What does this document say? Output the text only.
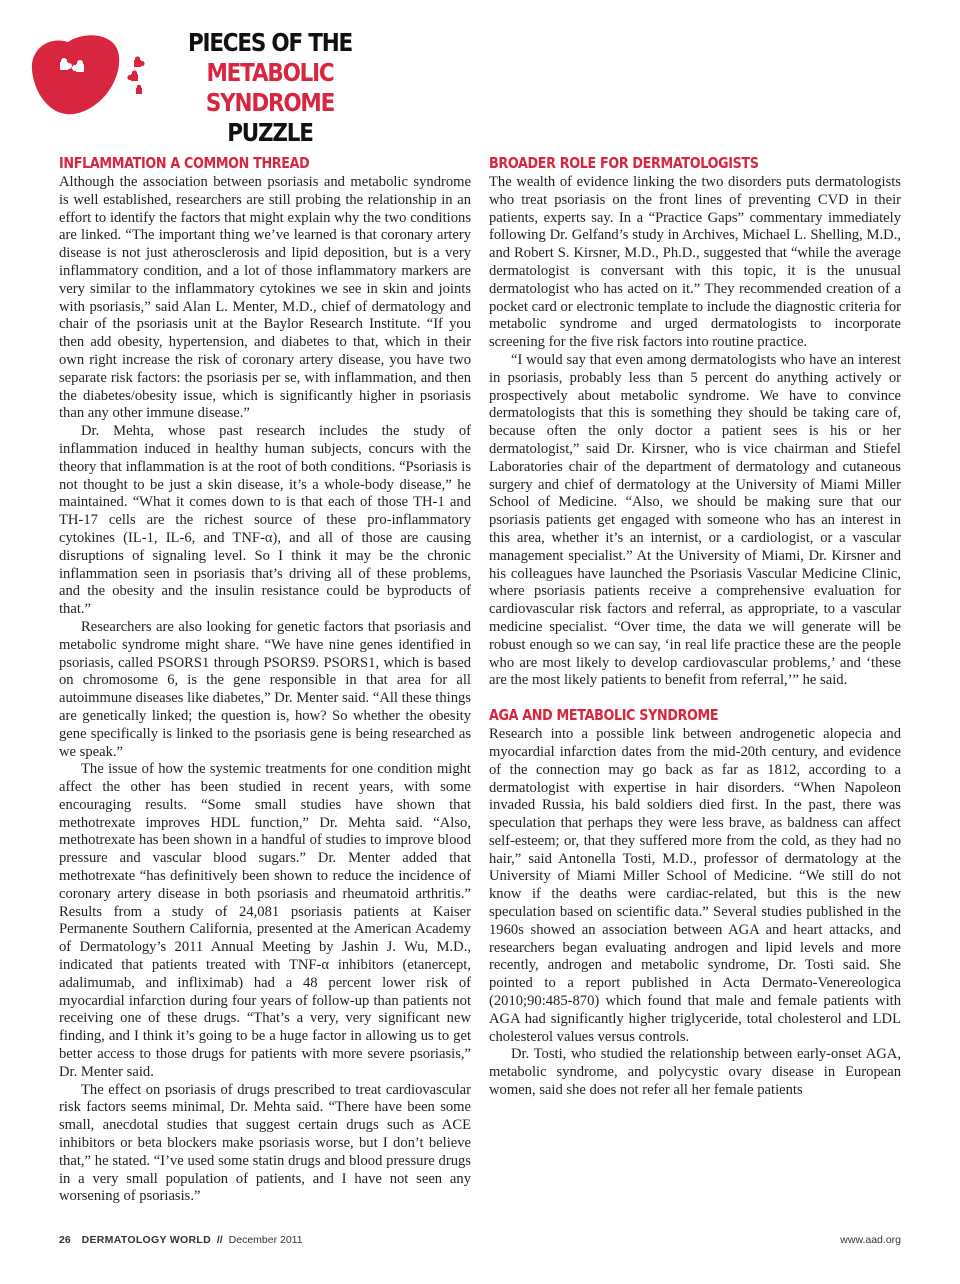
PIECES OF THE
METABOLIC SYNDROME
PUZZLE
INFLAMMATION A COMMON THREAD

Although the association between psoriasis and metabolic syndrome is well established, researchers are still probing the relationship in an effort to identify the factors that might explain why the two conditions are linked. “The important thing we’ve learned is that coronary artery disease is not just atherosclerosis and lipid deposition, but is a very inflammatory condition, and a lot of those inflammatory markers are very similar to the inflammatory cytokines we see in skin and joints with psoriasis,” said Alan L. Menter, M.D., chief of dermatology and chair of the psoriasis unit at the Baylor Research Institute. “If you then add obesity, hypertension, and diabetes to that, which in their own right increase the risk of coronary artery disease, you have two separate risk factors: the psoriasis per se, with inflammation, and then the diabetes/obesity issue, which is significantly higher in psoriasis than any other immune disease.”

Dr. Mehta, whose past research includes the study of inflammation induced in healthy human subjects, concurs with the theory that inflammation is at the root of both conditions. “Psoriasis is not thought to be just a skin disease, it’s a whole-body disease,” he maintained. “What it comes down to is that each of those TH-1 and TH-17 cells are the richest source of these pro-inflammatory cytokines (IL-1, IL-6, and TNF-α), and all of those are causing disruptions of signaling level. So I think it may be the chronic inflammation seen in psoriasis that’s driving all of these problems, and the obesity and the insulin resistance could be byproducts of that.”

Researchers are also looking for genetic factors that psoriasis and metabolic syndrome might share. “We have nine genes identified in psoriasis, called PSORS1 through PSORS9. PSORS1, which is based on chromosome 6, is the gene responsible in that area for all autoimmune diseases like diabetes,” Dr. Menter said. “All these things are genetically linked; the question is, how? So whether the obesity gene specifically is linked to the psoriasis gene is being researched as we speak.”

The issue of how the systemic treatments for one condition might affect the other has been studied in recent years, with some encouraging results. “Some small studies have shown that methotrexate improves HDL function,” Dr. Mehta said. “Also, methotrexate has been shown in a handful of studies to improve blood pressure and vascular blood sugars.” Dr. Menter added that methotrexate “has definitively been shown to reduce the incidence of coronary artery disease in both psoriasis and rheumatoid arthritis.” Results from a study of 24,081 psoriasis patients at Kaiser Permanente Southern California, presented at the American Academy of Dermatology’s 2011 Annual Meeting by Jashin J. Wu, M.D., indicated that patients treated with TNF-α inhibitors (etanercept, adalimumab, and infliximab) had a 48 percent lower risk of myocardial infarction during four years of follow-up than patients not receiving one of these drugs. “That’s a very, very significant new finding, and I think it’s going to be a huge factor in allowing us to get better access to those drugs for patients with more severe psoriasis,” Dr. Menter said.

The effect on psoriasis of drugs prescribed to treat cardiovascular risk factors seems minimal, Dr. Mehta said. “There have been some small, anecdotal studies that suggest certain drugs such as ACE inhibitors or beta blockers make psoriasis worse, but I don’t believe that,” he stated. “I’ve used some statin drugs and blood pressure drugs in a very small population of patients, and I have not seen any worsening of psoriasis.”

BROADER ROLE FOR DERMATOLOGISTS

The wealth of evidence linking the two disorders puts dermatologists who treat psoriasis on the front lines of preventing CVD in their patients, experts say. In a “Practice Gaps” commentary immediately following Dr. Gelfand’s study in Archives, Michael L. Shelling, M.D., and Robert S. Kirsner, M.D., Ph.D., suggested that “while the average dermatologist is conversant with this topic, it is the unusual dermatologist who has acted on it.” They recommended creation of a pocket card or electronic template to include the diagnostic criteria for metabolic syndrome and urged dermatologists to incorporate screening for the five risk factors into routine practice.

“I would say that even among dermatologists who have an interest in psoriasis, probably less than 5 percent do anything actively or prospectively about metabolic syndrome. We have to convince dermatologists that this is something they should be taking care of, because often the only doctor a patient sees is his or her dermatologist,” said Dr. Kirsner, who is vice chairman and Stiefel Laboratories chair of the department of dermatology and cutaneous surgery and chief of dermatology at the University of Miami Miller School of Medicine. “Also, we should be making sure that our psoriasis patients get engaged with someone who has an interest in this area, whether it’s an internist, or a cardiologist, or a vascular management specialist.” At the University of Miami, Dr. Kirsner and his colleagues have launched the Psoriasis Vascular Medicine Clinic, where psoriasis patients receive a comprehensive evaluation for cardiovascular risk factors and referral, as appropriate, to a vascular medicine specialist. “Over time, the data we will generate will be robust enough so we can say, ‘in real life practice these are the people who are most likely to develop cardiovascular problems,’ and ‘these are the most likely patients to benefit from referral,’” he said.

AGA AND METABOLIC SYNDROME

Research into a possible link between androgenetic alopecia and myocardial infarction dates from the mid-20th century, and evidence of the connection may go back as far as 1812, according to a dermatologist with expertise in hair disorders. “When Napoleon invaded Russia, his bald soldiers died first. In the past, there was speculation that perhaps they were less brave, as baldness can affect self-esteem; or, that they suffered more from the cold, as they had no hair,” said Antonella Tosti, M.D., professor of dermatology at the University of Miami Miller School of Medicine. “We still do not know if the deaths were cardiac-related, but this is the new speculation based on scientific data.” Several studies published in the 1960s showed an association between AGA and heart attacks, and researchers began evaluating androgen and lipid levels and more recently, androgen and metabolic syndrome, Dr. Tosti said. She pointed to a report published in Acta Dermato-Venereologica (2010;90:485-870) which found that male and female patients with AGA had significantly higher triglyceride, total cholesterol and LDL cholesterol values versus controls.

Dr. Tosti, who studied the relationship between early-onset AGA, metabolic syndrome, and polycystic ovary disease in European women, said she does not refer all her female patients

26 DERMATOLOGY WORLD // December 2011	www.aad.org
